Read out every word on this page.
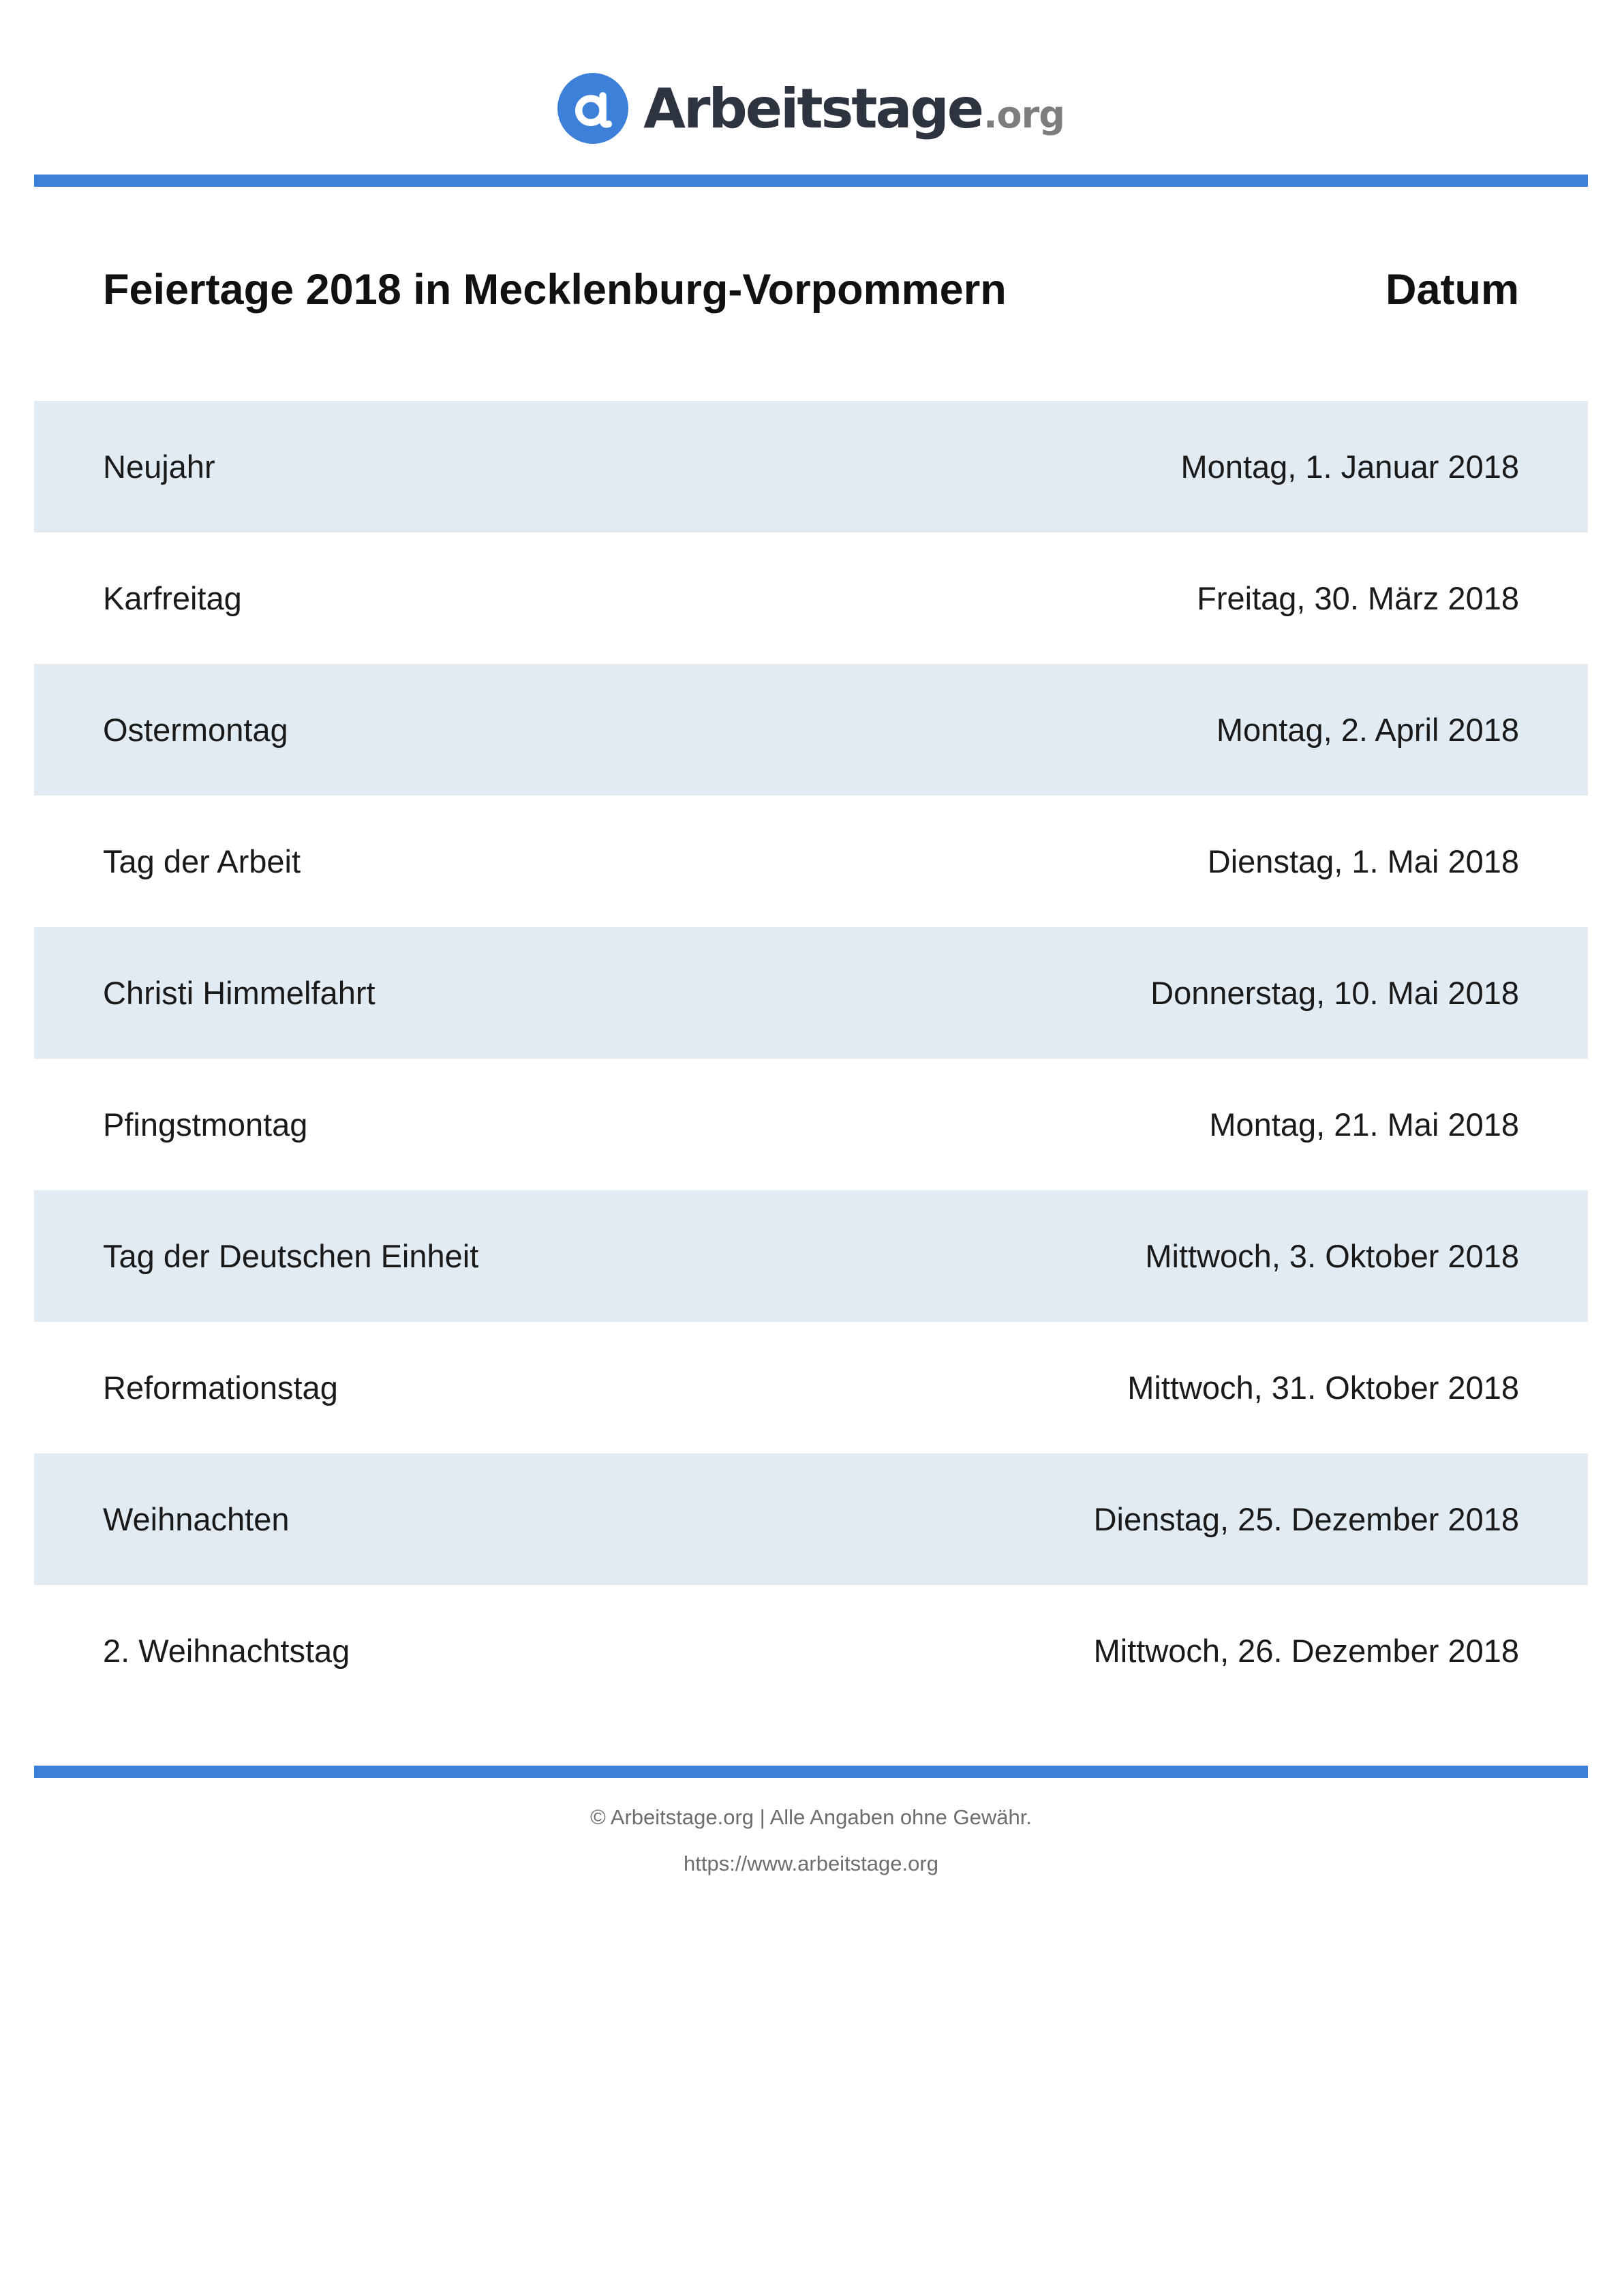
Arbeitstage .org
Feiertage 2018 in Mecklenburg-Vorpommern	Datum
Neujahr	Montag, 1. Januar 2018
Karfreitag	Freitag, 30. März 2018
Ostermontag	Montag, 2. April 2018
Tag der Arbeit	Dienstag, 1. Mai 2018
Christi Himmelfahrt	Donnerstag, 10. Mai 2018
Pfingstmontag	Montag, 21. Mai 2018
Tag der Deutschen Einheit	Mittwoch, 3. Oktober 2018
Reformationstag	Mittwoch, 31. Oktober 2018
Weihnachten	Dienstag, 25. Dezember 2018
2. Weihnachtstag	Mittwoch, 26. Dezember 2018
© Arbeitstage.org | Alle Angaben ohne Gewähr.
https://www.arbeitstage.org
